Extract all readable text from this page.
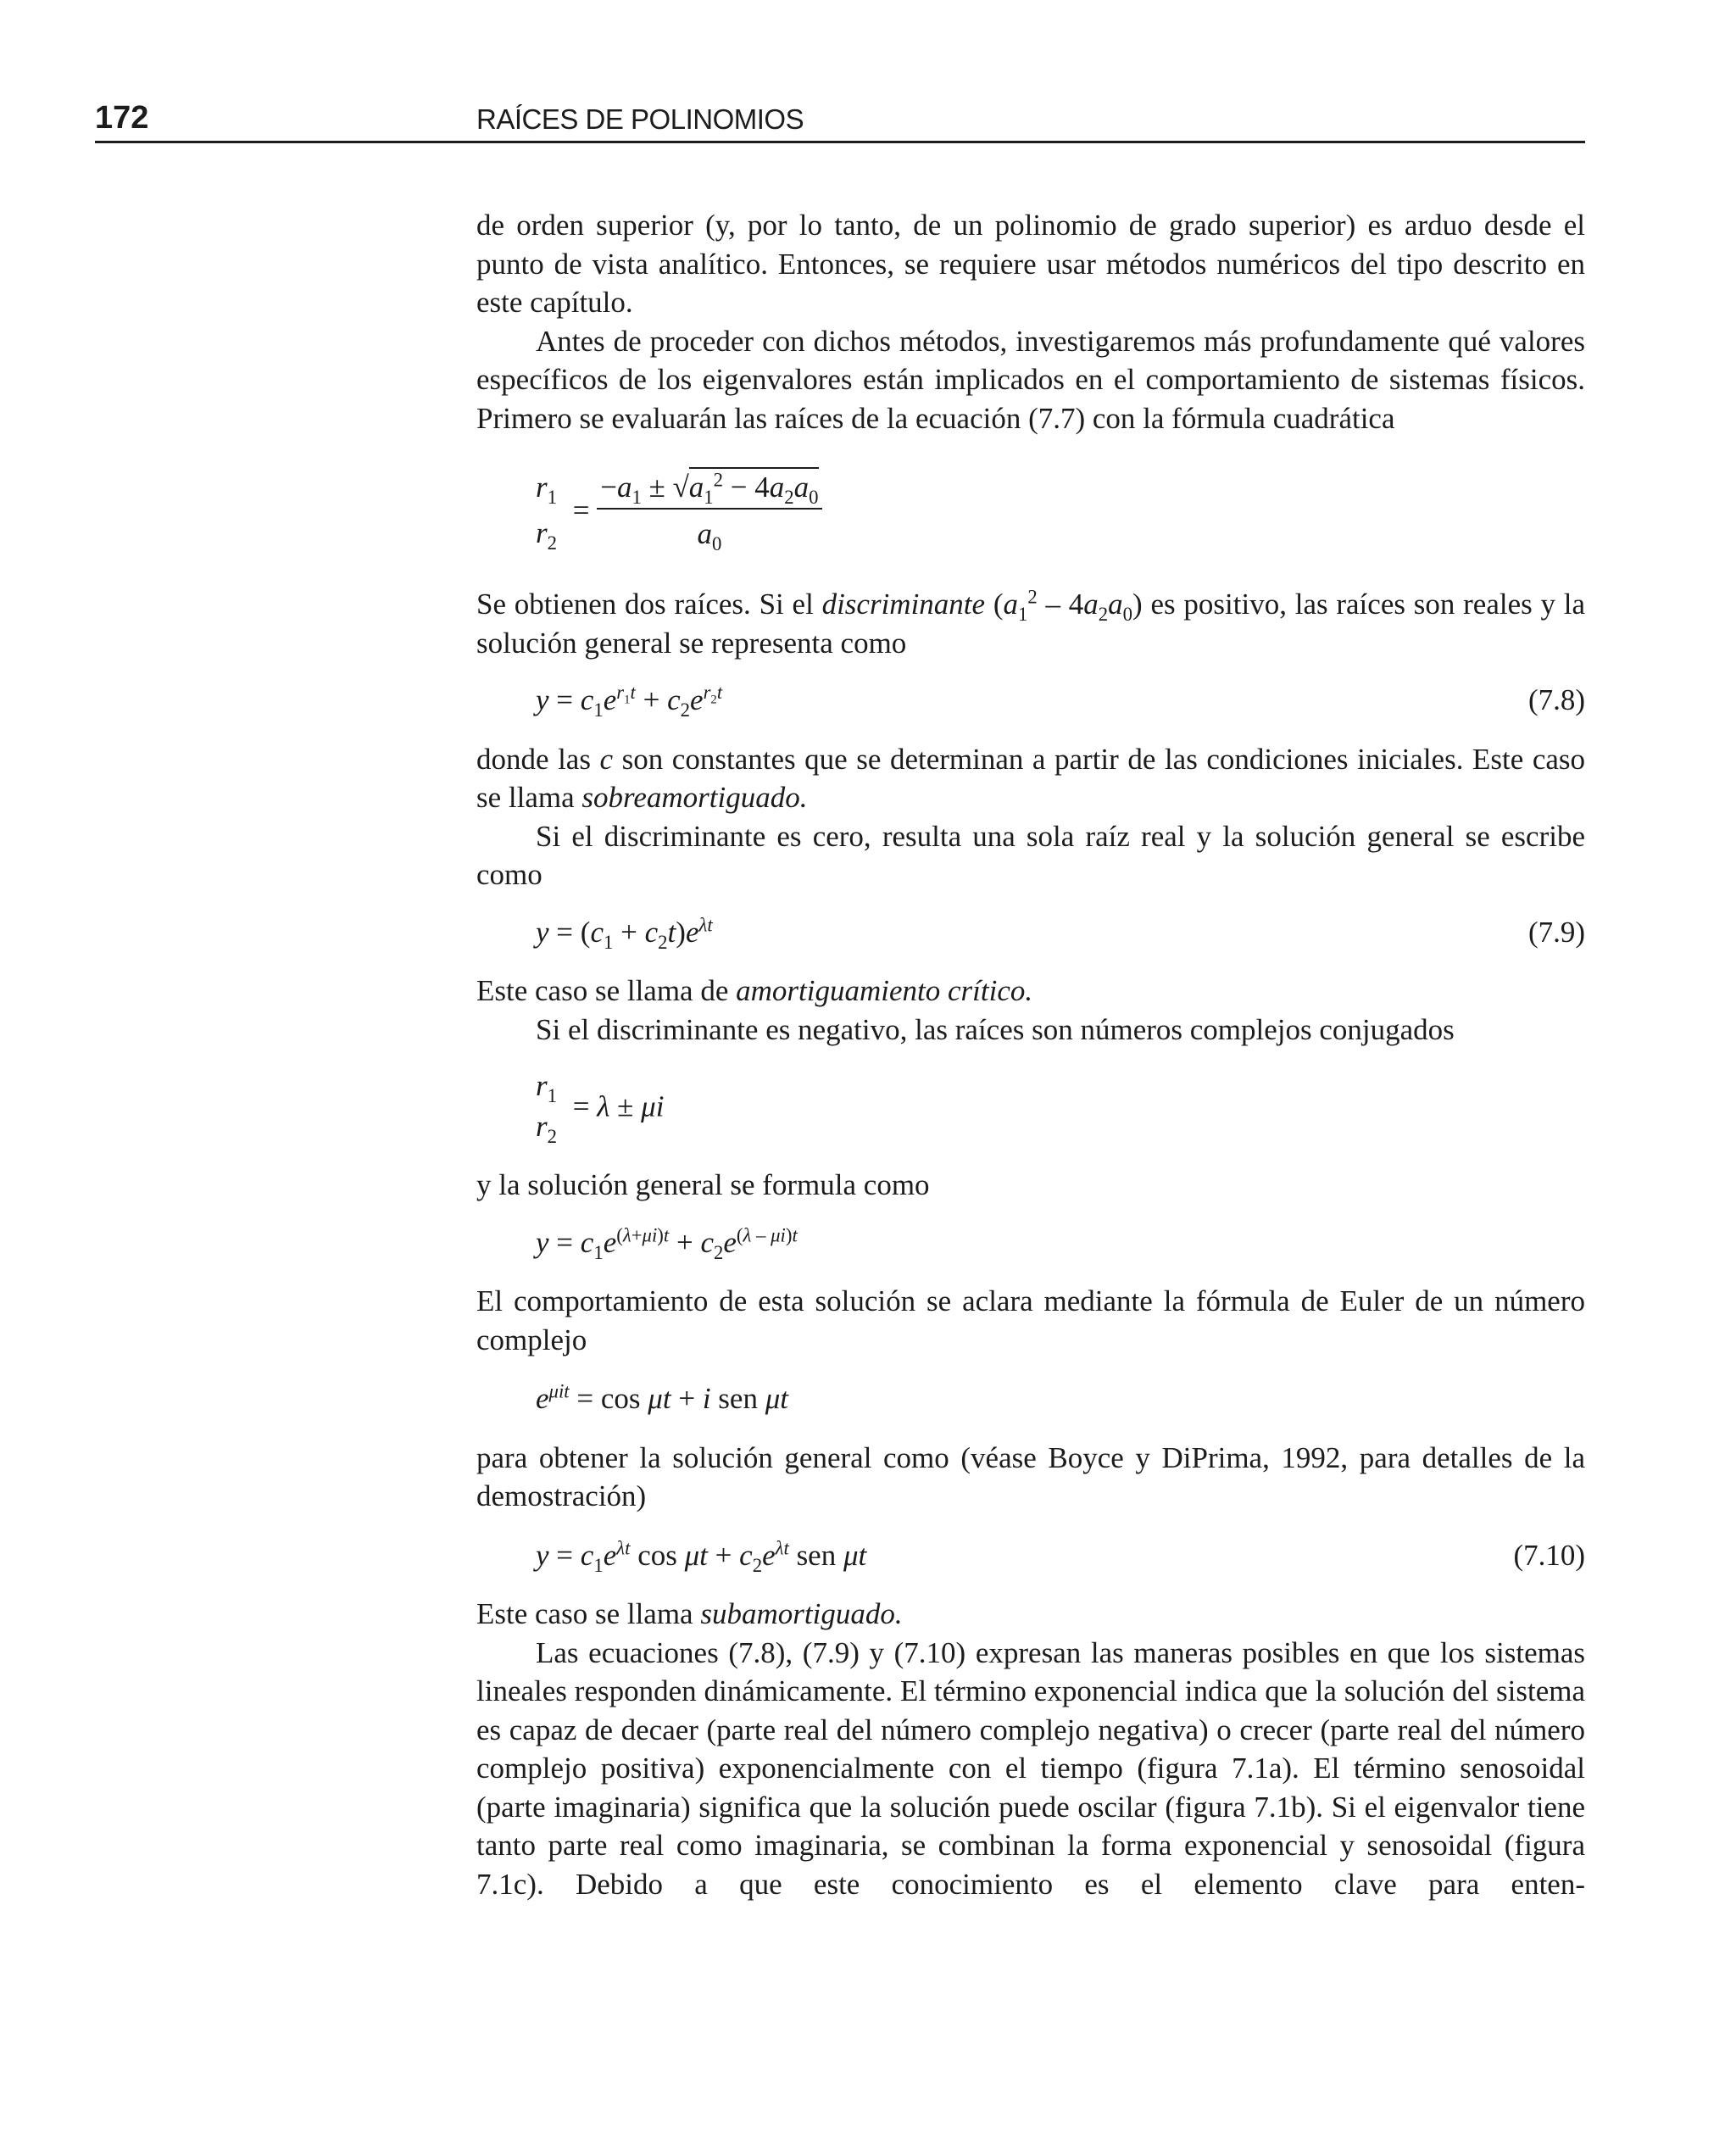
172	RAÍCES DE POLINOMIOS

de orden superior (y, por lo tanto, de un polinomio de grado superior) es arduo desde el punto de vista analítico. Entonces, se requiere usar métodos numéricos del tipo descrito en este capítulo.

Antes de proceder con dichos métodos, investigaremos más profundamente qué valores específicos de los eigenvalores están implicados en el comportamiento de sistemas físicos. Primero se evaluarán las raíces de la ecuación (7.7) con la fórmula cuadrática

$r_1$
$r_2$
= $\frac{-a_1 \pm √a_1^2 - 4a_2a_0}{a_0}$

Se obtienen dos raíces. Si el discriminante $(a_1^2 - 4a_2a_0)$ es positivo, las raíces son reales y la solución general se representa como

$y = c_1e^{r_1t} + c_2e^{r_2t}$	(7.8)

donde las c son constantes que se determinan a partir de las condiciones iniciales. Este caso se llama sobreamortiguado.

Si el discriminante es cero, resulta una sola raíz real y la solución general se escribe como

$y = (c_1 + c_2t)e^{\lambda t}$	(7.9)

Este caso se llama de amortiguamiento crítico.

Si el discriminante es negativo, las raíces son números complejos conjugados

$r_1$
$r_2$
= λ ± μi

y la solución general se formula como

$y = c_1e^{(\lambda+\mu i)t} + c_2e^{(\lambda - \mu i)t}$

El comportamiento de esta solución se aclara mediante la fórmula de Euler de un número complejo

$e^{\mu it} = \cos \mu t + i$ sen μt

para obtener la solución general como (véase Boyce y DiPrima, 1992, para detalles de la demostración)

$y = c_1e^{\lambda t}$ $\cos \mu t + c_2e^{\lambda t}$ sen μt	(7.10)

Este caso se llama subamortiguado.

Las ecuaciones (7.8), (7.9) y (7.10) expresan las maneras posibles en que los sistemas lineales responden dinámicamente. El término exponencial indica que la solución del sistema es capaz de decaer (parte real del número complejo negativa) o crecer (parte real del número complejo positiva) exponencialmente con el tiempo (figura 7.1a). El término senosoidal (parte imaginaria) significa que la solución puede oscilar (figura 7.1b). Si el eigenvalor tiene tanto parte real como imaginaria, se combinan la forma exponencial y senosoidal (figura 7.1c). Debido a que este conocimiento es el elemento clave para enten-
